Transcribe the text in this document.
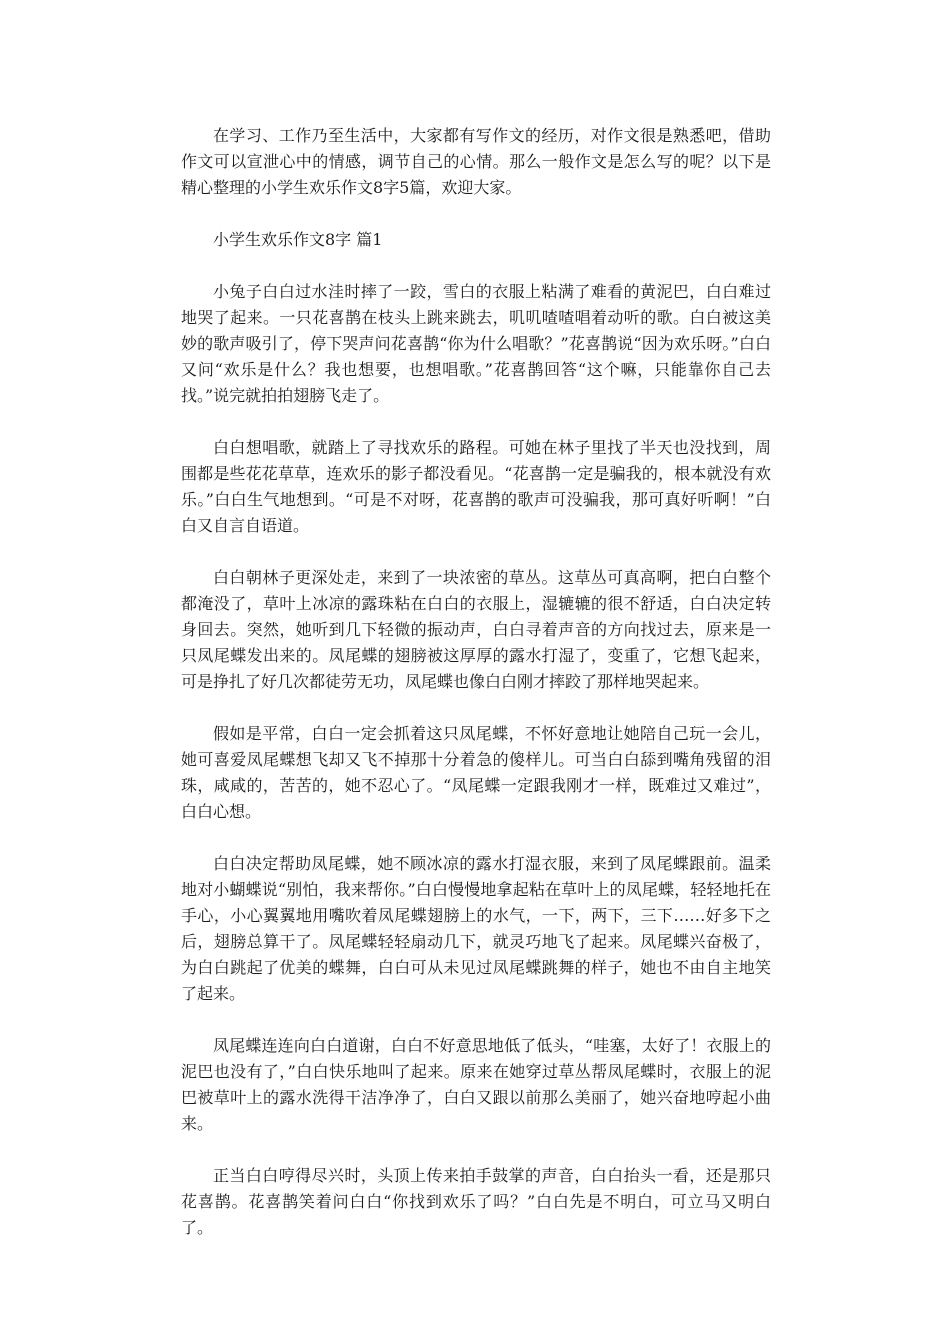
在学习、工作乃至生活中，大家都有写作文的经历，对作文很是熟悉吧，借助作文可以宣泄心中的情感，调节自己的心情。那么一般作文是怎么写的呢？以下是精心整理的小学生欢乐作文8字5篇，欢迎大家。

小学生欢乐作文8字 篇1

小兔子白白过水洼时摔了一跤，雪白的衣服上粘满了难看的黄泥巴，白白难过地哭了起来。一只花喜鹊在枝头上跳来跳去，叽叽喳喳唱着动听的歌。白白被这美妙的歌声吸引了，停下哭声问花喜鹊“你为什么唱歌？”花喜鹊说“因为欢乐呀。”白白又问“欢乐是什么？我也想要，也想唱歌。”花喜鹊回答“这个嘛，只能靠你自己去找。”说完就拍拍翅膀飞走了。

白白想唱歌，就踏上了寻找欢乐的路程。可她在林子里找了半天也没找到，周围都是些花花草草，连欢乐的影子都没看见。“花喜鹊一定是骗我的，根本就没有欢乐。”白白生气地想到。“可是不对呀，花喜鹊的歌声可没骗我，那可真好听啊！”白白又自言自语道。

白白朝林子更深处走，来到了一块浓密的草丛。这草丛可真高啊，把白白整个都淹没了，草叶上冰凉的露珠粘在白白的衣服上，湿辘辘的很不舒适，白白决定转身回去。突然，她听到几下轻微的振动声，白白寻着声音的方向找过去，原来是一只凤尾蝶发出来的。凤尾蝶的翅膀被这厚厚的露水打湿了，变重了，它想飞起来，可是挣扎了好几次都徒劳无功，凤尾蝶也像白白刚才摔跤了那样地哭起来。

假如是平常，白白一定会抓着这只凤尾蝶，不怀好意地让她陪自己玩一会儿，她可喜爱凤尾蝶想飞却又飞不掉那十分着急的傻样儿。可当白白舔到嘴角残留的泪珠，咸咸的，苦苦的，她不忍心了。“凤尾蝶一定跟我刚才一样，既难过又难过”，白白心想。

白白决定帮助凤尾蝶，她不顾冰凉的露水打湿衣服，来到了凤尾蝶跟前。温柔地对小蝴蝶说“别怕，我来帮你。”白白慢慢地拿起粘在草叶上的凤尾蝶，轻轻地托在手心，小心翼翼地用嘴吹着凤尾蝶翅膀上的水气，一下，两下，三下……好多下之后，翅膀总算干了。凤尾蝶轻轻扇动几下，就灵巧地飞了起来。凤尾蝶兴奋极了，为白白跳起了优美的蝶舞，白白可从未见过凤尾蝶跳舞的样子，她也不由自主地笑了起来。

凤尾蝶连连向白白道谢，白白不好意思地低了低头，“哇塞，太好了！衣服上的泥巴也没有了，”白白快乐地叫了起来。原来在她穿过草丛帮凤尾蝶时，衣服上的泥巴被草叶上的露水洗得干洁净净了，白白又跟以前那么美丽了，她兴奋地哼起小曲来。

正当白白哼得尽兴时，头顶上传来拍手鼓掌的声音，白白抬头一看，还是那只花喜鹊。花喜鹊笑着问白白“你找到欢乐了吗？”白白先是不明白，可立马又明白了。
